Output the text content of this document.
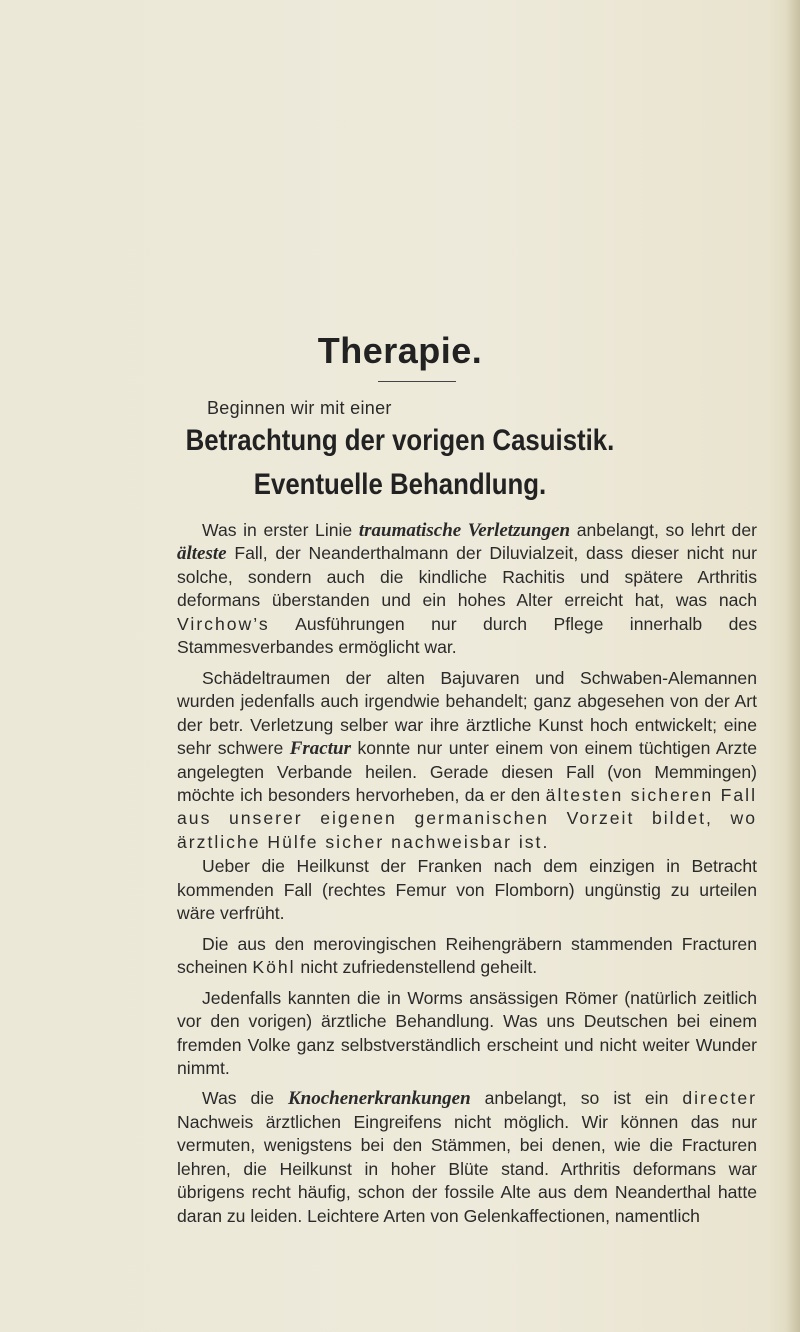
Therapie.
Beginnen wir mit einer
Betrachtung der vorigen Casuistik.
Eventuelle Behandlung.

Was in erster Linie traumatische Verletzungen anbelangt, so lehrt der älteste Fall, der Neanderthalmann der Diluvialzeit, dass dieser nicht nur solche, sondern auch die kindliche Rachitis und spätere Arthritis deformans überstanden und ein hohes Alter erreicht hat, was nach Virchow’s Ausführungen nur durch Pflege innerhalb des Stammesverbandes ermöglicht war.

Schädeltraumen der alten Bajuvaren und Schwaben-Alemannen wurden jedenfalls auch irgendwie behandelt; ganz abgesehen von der Art der betr. Verletzung selber war ihre ärztliche Kunst hoch entwickelt; eine sehr schwere Fractur konnte nur unter einem von einem tüchtigen Arzte angelegten Verbande heilen. Gerade diesen Fall (von Memmingen) möchte ich besonders hervorheben, da er den ältesten sicheren Fall aus unserer eigenen germanischen Vorzeit bildet, wo ärztliche Hülfe sicher nachweisbar ist.

Ueber die Heilkunst der Franken nach dem einzigen in Betracht kommenden Fall (rechtes Femur von Flomborn) ungünstig zu urteilen wäre verfrüht.

Die aus den merovingischen Reihengräbern stammenden Fracturen scheinen Köhl nicht zufriedenstellend geheilt.

Jedenfalls kannten die in Worms ansässigen Römer (natürlich zeitlich vor den vorigen) ärztliche Behandlung. Was uns Deutschen bei einem fremden Volke ganz selbstverständlich erscheint und nicht weiter Wunder nimmt.

Was die Knochenerkrankungen anbelangt, so ist ein directer Nachweis ärztlichen Eingreifens nicht möglich. Wir können das nur vermuten, wenigstens bei den Stämmen, bei denen, wie die Fracturen lehren, die Heilkunst in hoher Blüte stand. Arthritis deformans war übrigens recht häufig, schon der fossile Alte aus dem Neanderthal hatte daran zu leiden. Leichtere Arten von Gelenkaffectionen, namentlich
